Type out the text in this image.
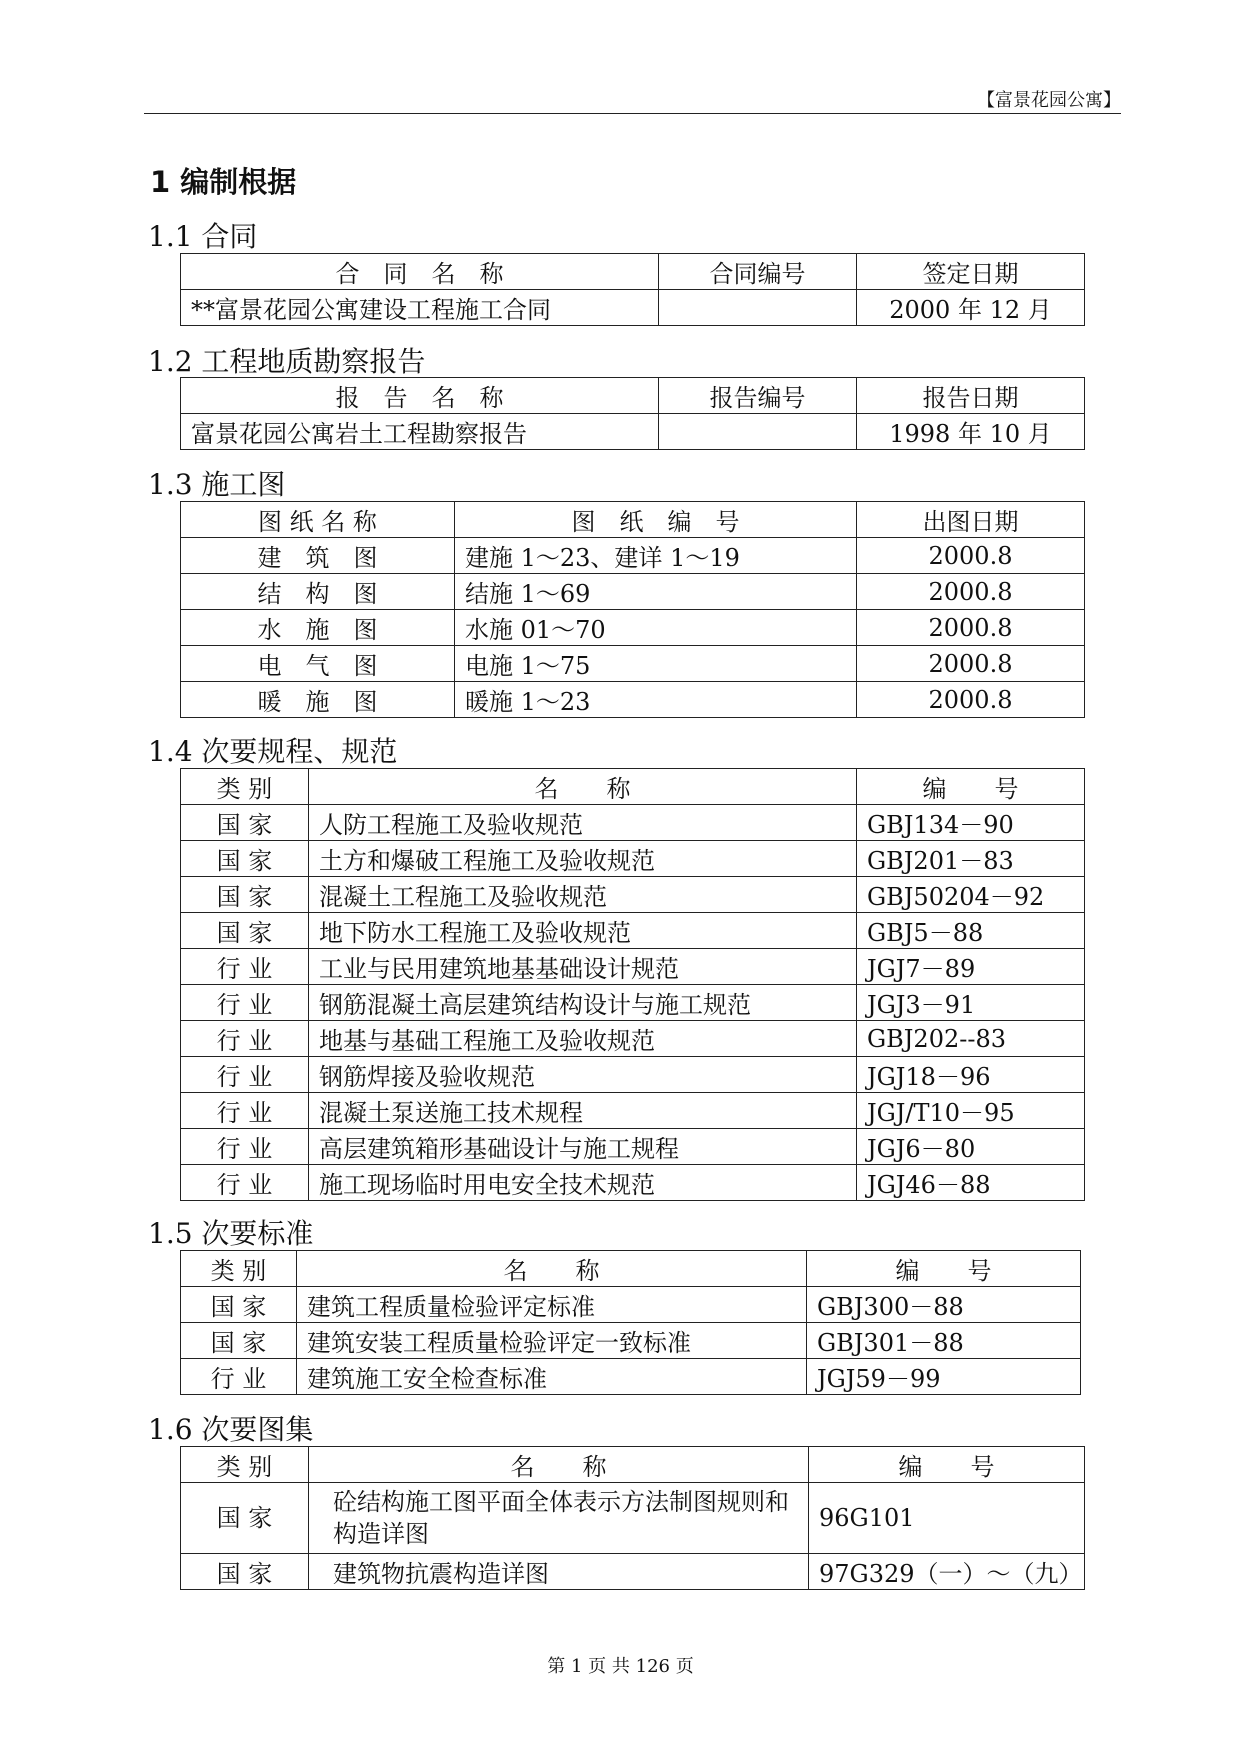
【富景花园公寓】
1 编制根据
1.1 合同
合　同　名　称	合同编号	签定日期
**富景花园公寓建设工程施工合同		2000 年 12 月
1.2 工程地质勘察报告
报　告　名　称	报告编号	报告日期
富景花园公寓岩土工程勘察报告		1998 年 10 月
1.3 施工图
图 纸 名 称	图　纸　编　号	出图日期
建　筑　图	建施 1～23、建详 1～19	2000.8
结　构　图	结施 1～69	2000.8
水　施　图	水施 01～70	2000.8
电　气　图	电施 1～75	2000.8
暖　施　图	暖施 1～23	2000.8
1.4 次要规程、规范
类 别	名　　称	编　　号
国 家	人防工程施工及验收规范	GBJ134－90
国 家	土方和爆破工程施工及验收规范	GBJ201－83
国 家	混凝土工程施工及验收规范	GBJ50204－92
国 家	地下防水工程施工及验收规范	GBJ5－88
行 业	工业与民用建筑地基基础设计规范	JGJ7－89
行 业	钢筋混凝土高层建筑结构设计与施工规范	JGJ3－91
行 业	地基与基础工程施工及验收规范	GBJ202--83
行 业	钢筋焊接及验收规范	JGJ18－96
行 业	混凝土泵送施工技术规程	JGJ/T10－95
行 业	高层建筑箱形基础设计与施工规程	JGJ6－80
行 业	施工现场临时用电安全技术规范	JGJ46－88
1.5 次要标准
类 别	名　　称	编　　号
国 家	建筑工程质量检验评定标准	GBJ300－88
国 家	建筑安装工程质量检验评定一致标准	GBJ301－88
行 业	建筑施工安全检查标准	JGJ59－99
1.6 次要图集
类 别	名　　称	编　　号
国 家	砼结构施工图平面全体表示方法制图规则和构造详图	96G101
国 家	建筑物抗震构造详图	97G329（一）～（九）
第 1 页 共 126 页
